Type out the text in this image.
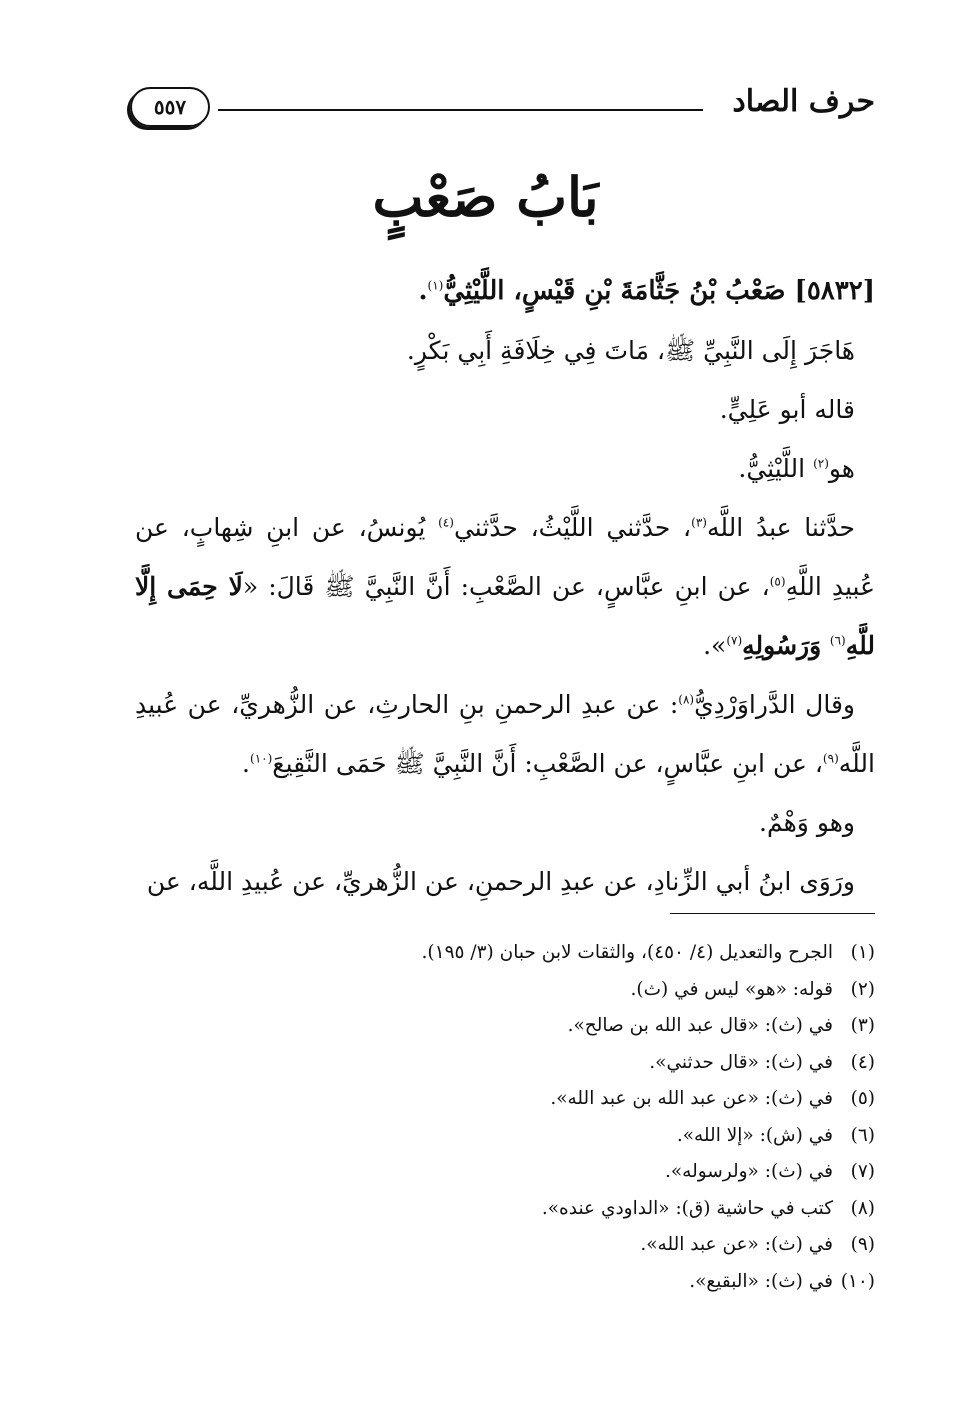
حرف الصاد
٥٥٧
بَابُ صَعْبٍ

[٥٨٣٢] صَعْبُ بْنُ جَثَّامَةَ بْنِ قَيْسٍ، اللَّيْثِيُّ$^{(١)}$.

هَاجَرَ إِلَى النَّبِيِّ ﷺ، مَاتَ فِي خِلَافَةِ أَبِي بَكْرٍ.

قاله أبو عَلِيٍّ.

هو$^{(٢)}$ اللَّيْثِيُّ.

حدَّثنا عبدُ اللَّه$^{(٣)}$، حدَّثني اللَّيْثُ، حدَّثني$^{(٤)}$ يُونسُ، عن ابنِ شِهابٍ، عن عُبيدِ اللَّهِ$^{(٥)}$، عن ابنِ عبَّاسٍ، عن الصَّعْبِ: أَنَّ النَّبِيَّ ﷺ قَالَ: «لَا حِمَى إِلَّا للَّهِ$^{(٦)}$ وَرَسُولِهِ$^{(٧)}$».

وقال الدَّراوَرْدِيُّ$^{(٨)}$: عن عبدِ الرحمنِ بنِ الحارثِ، عن الزُّهريِّ، عن عُبيدِ اللَّه$^{(٩)}$، عن ابنِ عبَّاسٍ، عن الصَّعْبِ: أَنَّ النَّبِيَّ ﷺ حَمَى النَّقِيعَ$^{(١٠)}$.

وهو وَهْمٌ.

ورَوَى ابنُ أبي الزِّنادِ، عن عبدِ الرحمنِ، عن الزُّهريِّ، عن عُبيدِ اللَّه، عن

(١)الجرح والتعديل (٤/ ٤٥٠)، والثقات لابن حبان (٣/ ١٩٥).
(٢)قوله: «هو» ليس في (ث).
(٣)في (ث): «قال عبد الله بن صالح».
(٤)في (ث): «قال حدثني».
(٥)في (ث): «عن عبد الله بن عبد الله».
(٦)في (ش): «إلا الله».
(٧)في (ث): «ولرسوله».
(٨)كتب في حاشية (ق): «الداودي عنده».
(٩)في (ث): «عن عبد الله».
(١٠)في (ث): «البقيع».
